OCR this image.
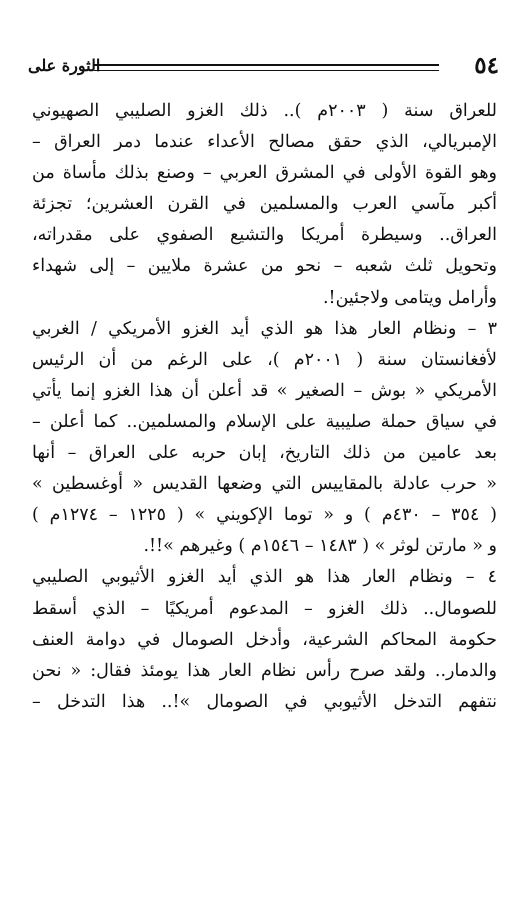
٥٤
الثورة على
للعراق سنة ( ٢٠٠٣م ).. ذلك الغزو الصليبي الصهيوني
الإمبريالي، الذي حقق مصالح الأعداء عندما دمر العراق –
وهو القوة الأولى في المشرق العربي – وصنع بذلك مأساة من
أكبر مآسي العرب والمسلمين في القرن العشرين؛ تجزئة
العراق.. وسيطرة أمريكا والتشيع الصفوي على مقدراته،
وتحويل ثلث شعبه – نحو من عشرة ملايين – إلى شهداء
وأرامل ويتامى ولاجئين!.
٣ – ونظام العار هذا هو الذي أيد الغزو الأمريكي / الغربي
لأفغانستان سنة ( ٢٠٠١م )، على الرغم من أن الرئيس
الأمريكي « بوش – الصغير » قد أعلن أن هذا الغزو إنما يأتي
في سياق حملة صليبية على الإسلام والمسلمين.. كما أعلن –
بعد عامين من ذلك التاريخ، إبان حربه على العراق – أنها
« حرب عادلة بالمقاييس التي وضعها القديس « أوغسطين »
( ٣٥٤ – ٤٣٠م ) و « توما الإكويني » ( ١٢٢٥ – ١٢٧٤م )
و « مارتن لوثر » ( ١٤٨٣ – ١٥٤٦م ) وغيرهم »!!.
٤ – ونظام العار هذا هو الذي أيد الغزو الأثيوبي الصليبي
للصومال.. ذلك الغزو – المدعوم أمريكيًا – الذي أسقط
حكومة المحاكم الشرعية، وأدخل الصومال في دوامة العنف
والدمار.. ولقد صرح رأس نظام العار هذا يومئذ فقال: « نحن
نتفهم التدخل الأثيوبي في الصومال »!.. هذا التدخل –
